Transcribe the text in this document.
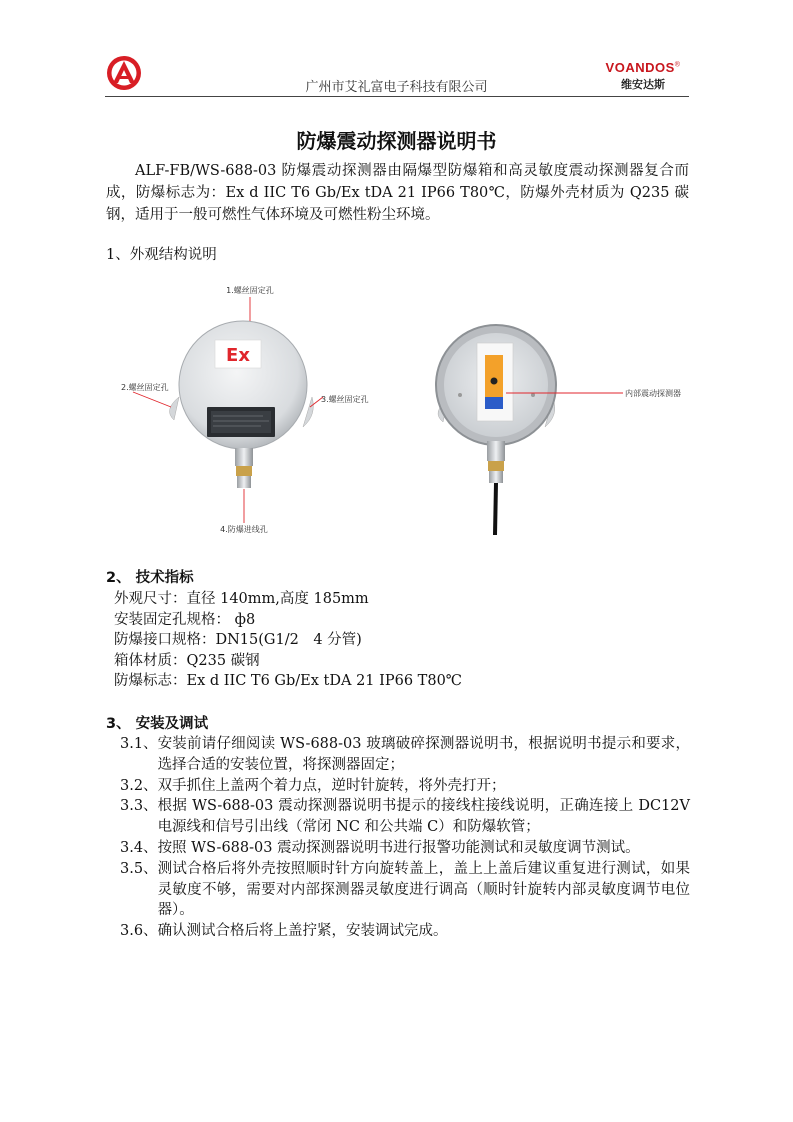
广州市艾礼富电子科技有限公司
VOANDOS®
维安达斯
防爆震动探测器说明书
ALF-FB/WS-688-03 防爆震动探测器由隔爆型防爆箱和高灵敏度震动探测器复合而成，防爆标志为：Ex d IIC T6 Gb/Ex tDA 21 IP66 T80℃，防爆外壳材质为 Q235 碳钢，适用于一般可燃性气体环境及可燃性粉尘环境。
1、外观结构说明
Ex
1.螺丝固定孔
2.螺丝固定孔
3.螺丝固定孔
4.防爆进线孔
内部震动探测器
2、 技术指标
外观尺寸：直径 140mm,高度 185mm
安装固定孔规格： ф8
防爆接口规格：DN15(G1/2　4 分管)
箱体材质：Q235 碳钢
防爆标志：Ex d IIC T6 Gb/Ex tDA 21 IP66 T80℃
3、 安装及调试
3.1、 安装前请仔细阅读 WS-688-03 玻璃破碎探测器说明书，根据说明书提示和要求，选择合适的安装位置，将探测器固定；
3.2、 双手抓住上盖两个着力点，逆时针旋转，将外壳打开；
3.3、 根据 WS-688-03 震动探测器说明书提示的接线柱接线说明，正确连接上 DC12V 电源线和信号引出线（常闭 NC 和公共端 C）和防爆软管；
3.4、 按照 WS-688-03 震动探测器说明书进行报警功能测试和灵敏度调节测试。
3.5、 测试合格后将外壳按照顺时针方向旋转盖上，盖上上盖后建议重复进行测试，如果灵敏度不够，需要对内部探测器灵敏度进行调高（顺时针旋转内部灵敏度调节电位器）。
3.6、 确认测试合格后将上盖拧紧，安装调试完成。
